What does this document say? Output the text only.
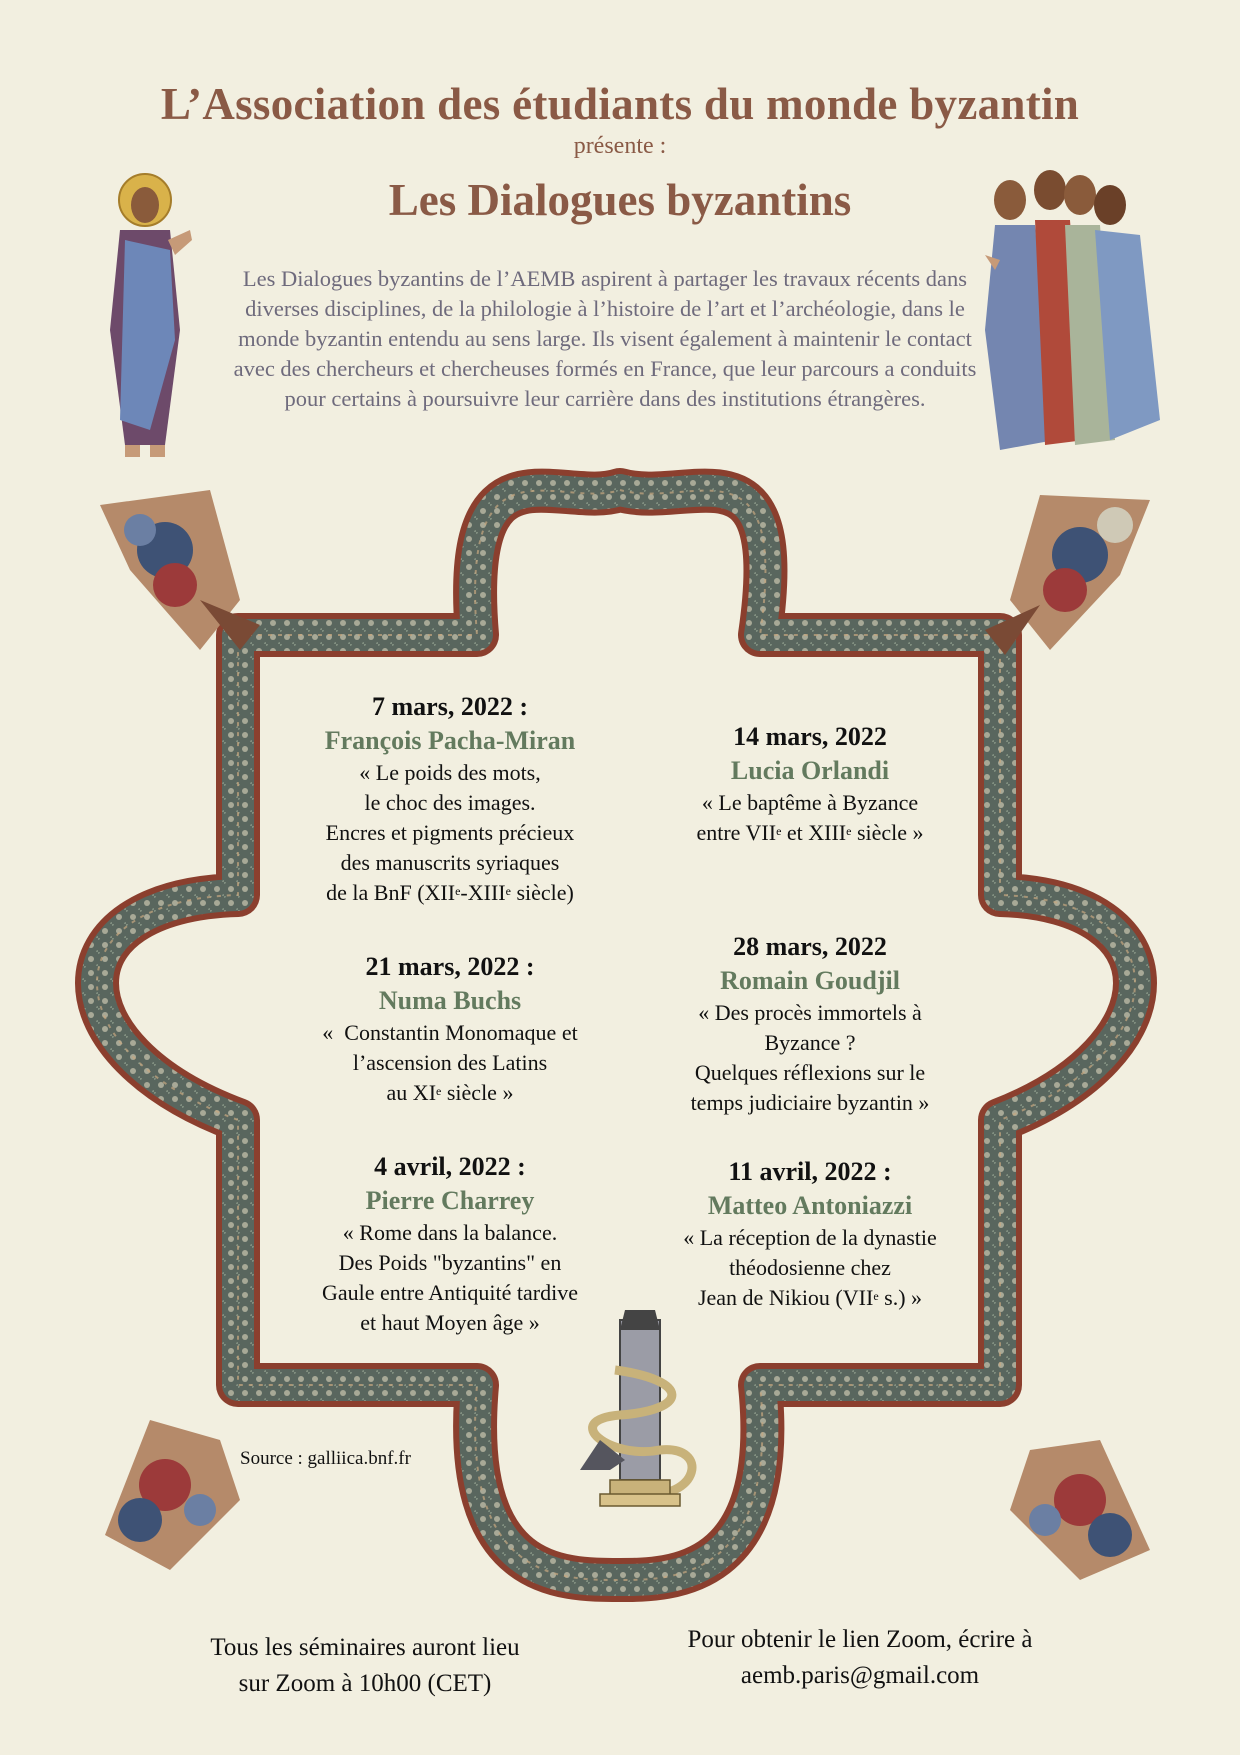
L’Association des étudiants du monde byzantin
présente :
Les Dialogues byzantins
Les Dialogues byzantins de l’AEMB aspirent à partager les travaux récents dans diverses disciplines, de la philologie à l’histoire de l’art et l’archéologie, dans le monde byzantin entendu au sens large. Ils visent également à maintenir le contact avec des chercheurs et chercheuses formés en France, que leur parcours a conduits pour certains à poursuivre leur carrière dans des institutions étrangères.
7 mars, 2022 :
François Pacha-Miran
« Le poids des mots,
le choc des images.
Encres et pigments précieux
des manuscrits syriaques
de la BnF (XIIe-XIIIe siècle)
14 mars, 2022
Lucia Orlandi
« Le baptême à Byzance
entre VIIe et XIIIe siècle »
21 mars, 2022 :
Numa Buchs
«  Constantin Monomaque et
l’ascension des Latins
au XIe siècle »
28 mars, 2022
Romain Goudjil
« Des procès immortels à
Byzance ?
Quelques réflexions sur le
temps judiciaire byzantin »
4 avril, 2022 :
Pierre Charrey
« Rome dans la balance.
Des Poids "byzantins" en
Gaule entre Antiquité tardive
et haut Moyen âge »
11 avril, 2022 :
Matteo Antoniazzi
« La réception de la dynastie
théodosienne chez
Jean de Nikiou (VIIe s.) »
Source : galliica.bnf.fr
Tous les séminaires auront lieu
sur Zoom à 10h00 (CET)
Pour obtenir le lien Zoom, écrire à
aemb.paris@gmail.com
